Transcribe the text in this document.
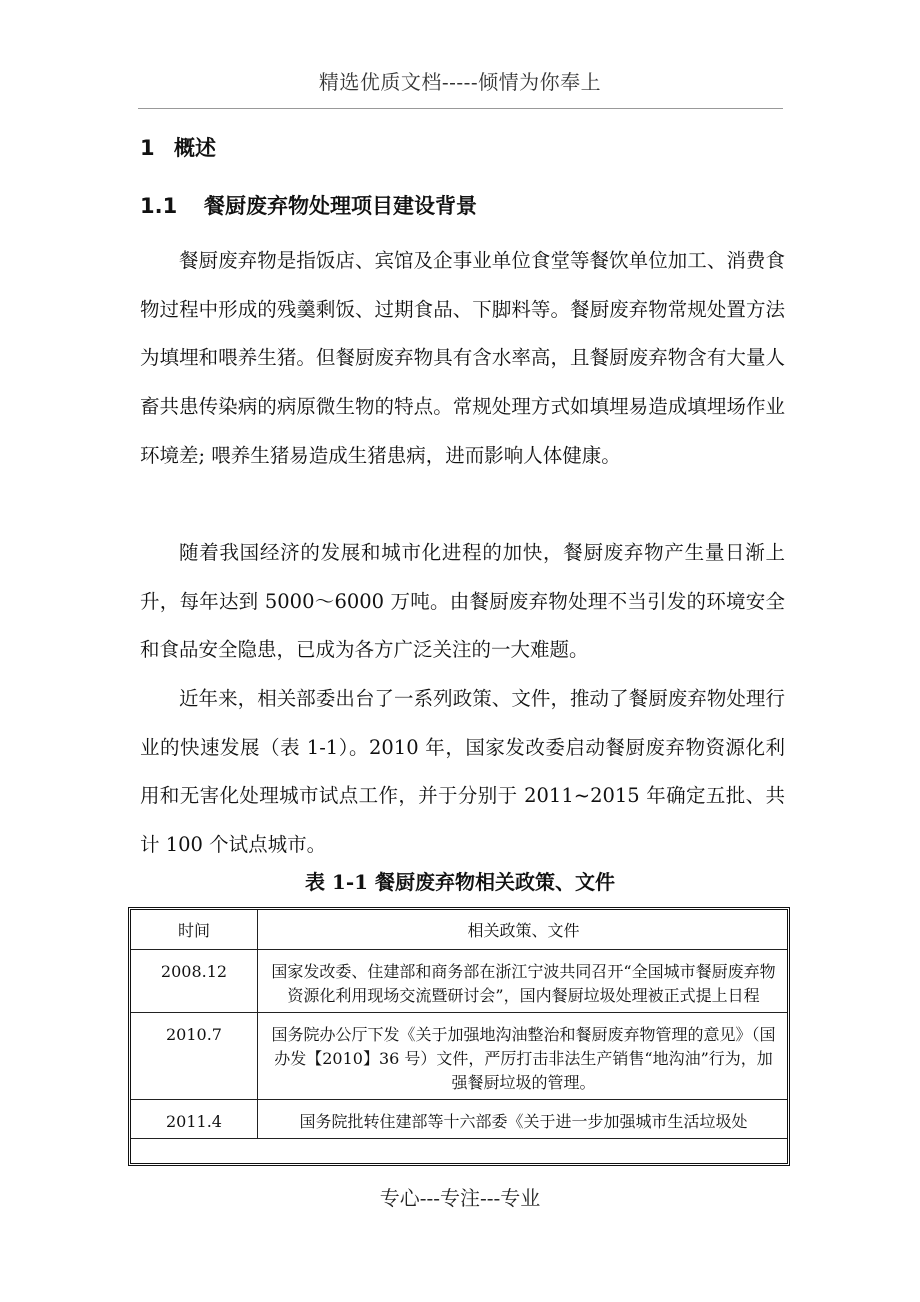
精选优质文档-----倾情为你奉上
1 概述
1.1 餐厨废弃物处理项目建设背景

餐厨废弃物是指饭店、宾馆及企事业单位食堂等餐饮单位加工、消费食物过程中形成的残羹剩饭、过期食品、下脚料等。餐厨废弃物常规处置方法为填埋和喂养生猪。但餐厨废弃物具有含水率高，且餐厨废弃物含有大量人畜共患传染病的病原微生物的特点。常规处理方式如填埋易造成填埋场作业环境差; 喂养生猪易造成生猪患病，进而影响人体健康。

随着我国经济的发展和城市化进程的加快，餐厨废弃物产生量日渐上升，每年达到 5000～6000 万吨。由餐厨废弃物处理不当引发的环境安全和食品安全隐患，已成为各方广泛关注的一大难题。

近年来，相关部委出台了一系列政策、文件，推动了餐厨废弃物处理行业的快速发展（表 1-1）。2010 年，国家发改委启动餐厨废弃物资源化利用和无害化处理城市试点工作，并于分别于 2011~2015 年确定五批、共计 100 个试点城市。

表 1-1 餐厨废弃物相关政策、文件
时间	相关政策、文件
2008.12	国家发改委、住建部和商务部在浙江宁波共同召开“全国城市餐厨废弃物资源化利用现场交流暨研讨会”，国内餐厨垃圾处理被正式提上日程
2010.7	国务院办公厅下发《关于加强地沟油整治和餐厨废弃物管理的意见》（国办发【2010】36 号）文件，严厉打击非法生产销售“地沟油”行为，加强餐厨垃圾的管理。
2011.4	国务院批转住建部等十六部委《关于进一步加强城市生活垃圾处
专心---专注---专业
